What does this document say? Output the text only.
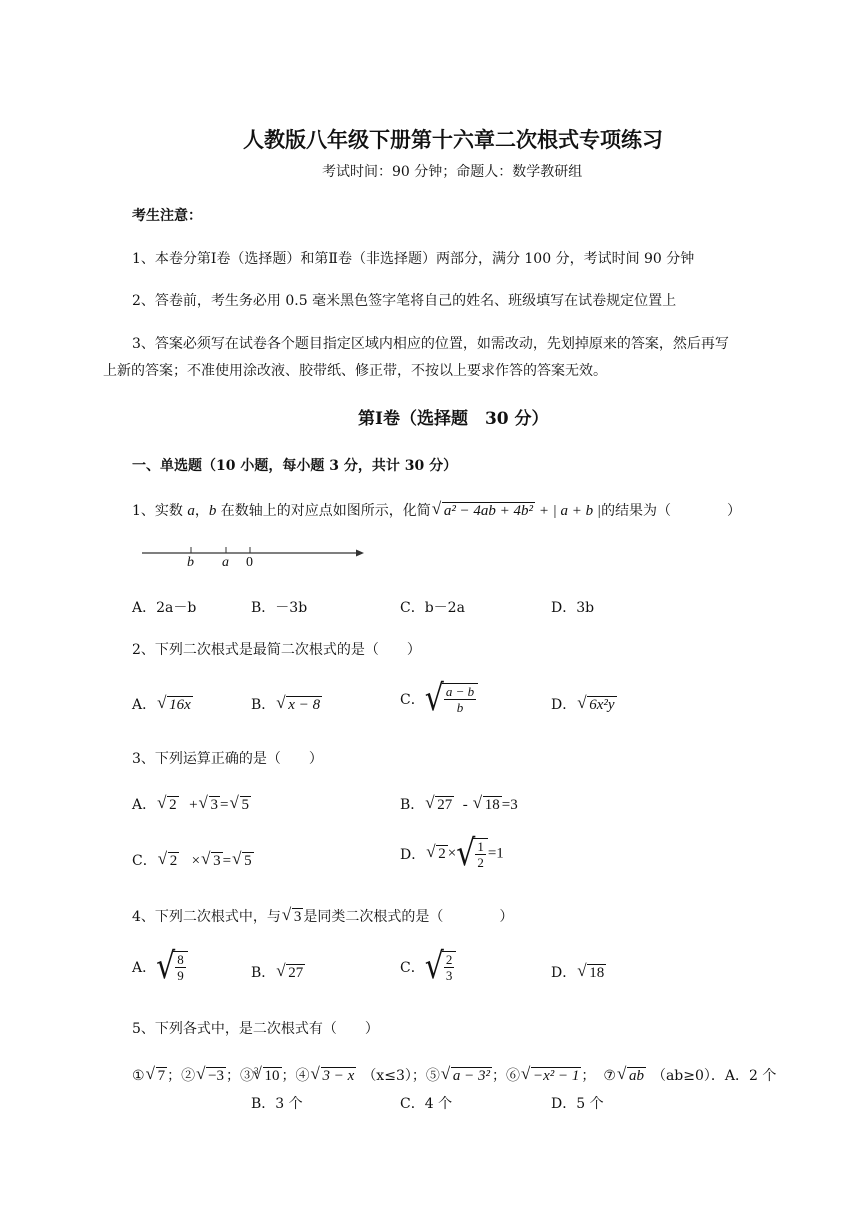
人教版八年级下册第十六章二次根式专项练习
考试时间：90 分钟；命题人：数学教研组
考生注意：
1、本卷分第Ⅰ卷（选择题）和第Ⅱ卷（非选择题）两部分，满分 100 分，考试时间 90 分钟
2、答卷前，考生务必用 0.5 毫米黑色签字笔将自己的姓名、班级填写在试卷规定位置上
3、答案必须写在试卷各个题目指定区域内相应的位置，如需改动，先划掉原来的答案，然后再写
上新的答案；不准使用涂改液、胶带纸、修正带，不按以上要求作答的答案无效。
第Ⅰ卷（选择题　30 分）
一、单选题（10 小题，每小题 3 分，共计 30 分）
1、实数 a，b 在数轴上的对应点如图所示，化简 √ a² − 4ab + 4b² + | a + b |的结果为（　　　　）
b a 0
A．2a－b	B．－3b	C．b－2a	D．3b
2、下列二次根式是最简二次根式的是（　　）
A． √ 16x	B． √ x − 8	C． √ $\frac{a - b}{b}$	D． √ 6x²y
3、下列运算正确的是（　　）
A． √ 2 + √ 3 = √ 5	B． √ 27 - √ 18 =3
C． √ 2 × √ 3 = √ 5	D． √ 2 × √ $\frac{1}{2} =1$
4、下列二次根式中，与 √ 3 是同类二次根式的是（　　　　）
A． √ $\frac{8}{9}$	B． √ 27	C． √ $\frac{2}{3}$	D． √ 18
5、下列各式中，是二次根式有（　　）
① √ 7 ；② √ −3 ；③$^3$ √ 10 ；④ √ 3 − x （x≤3）；⑤ √ a − 3² ；⑥ √ −x² − 1 ； ⑦ √ ab （ab≥0）．A．2 个
B．3 个	C．4 个	D．5 个
